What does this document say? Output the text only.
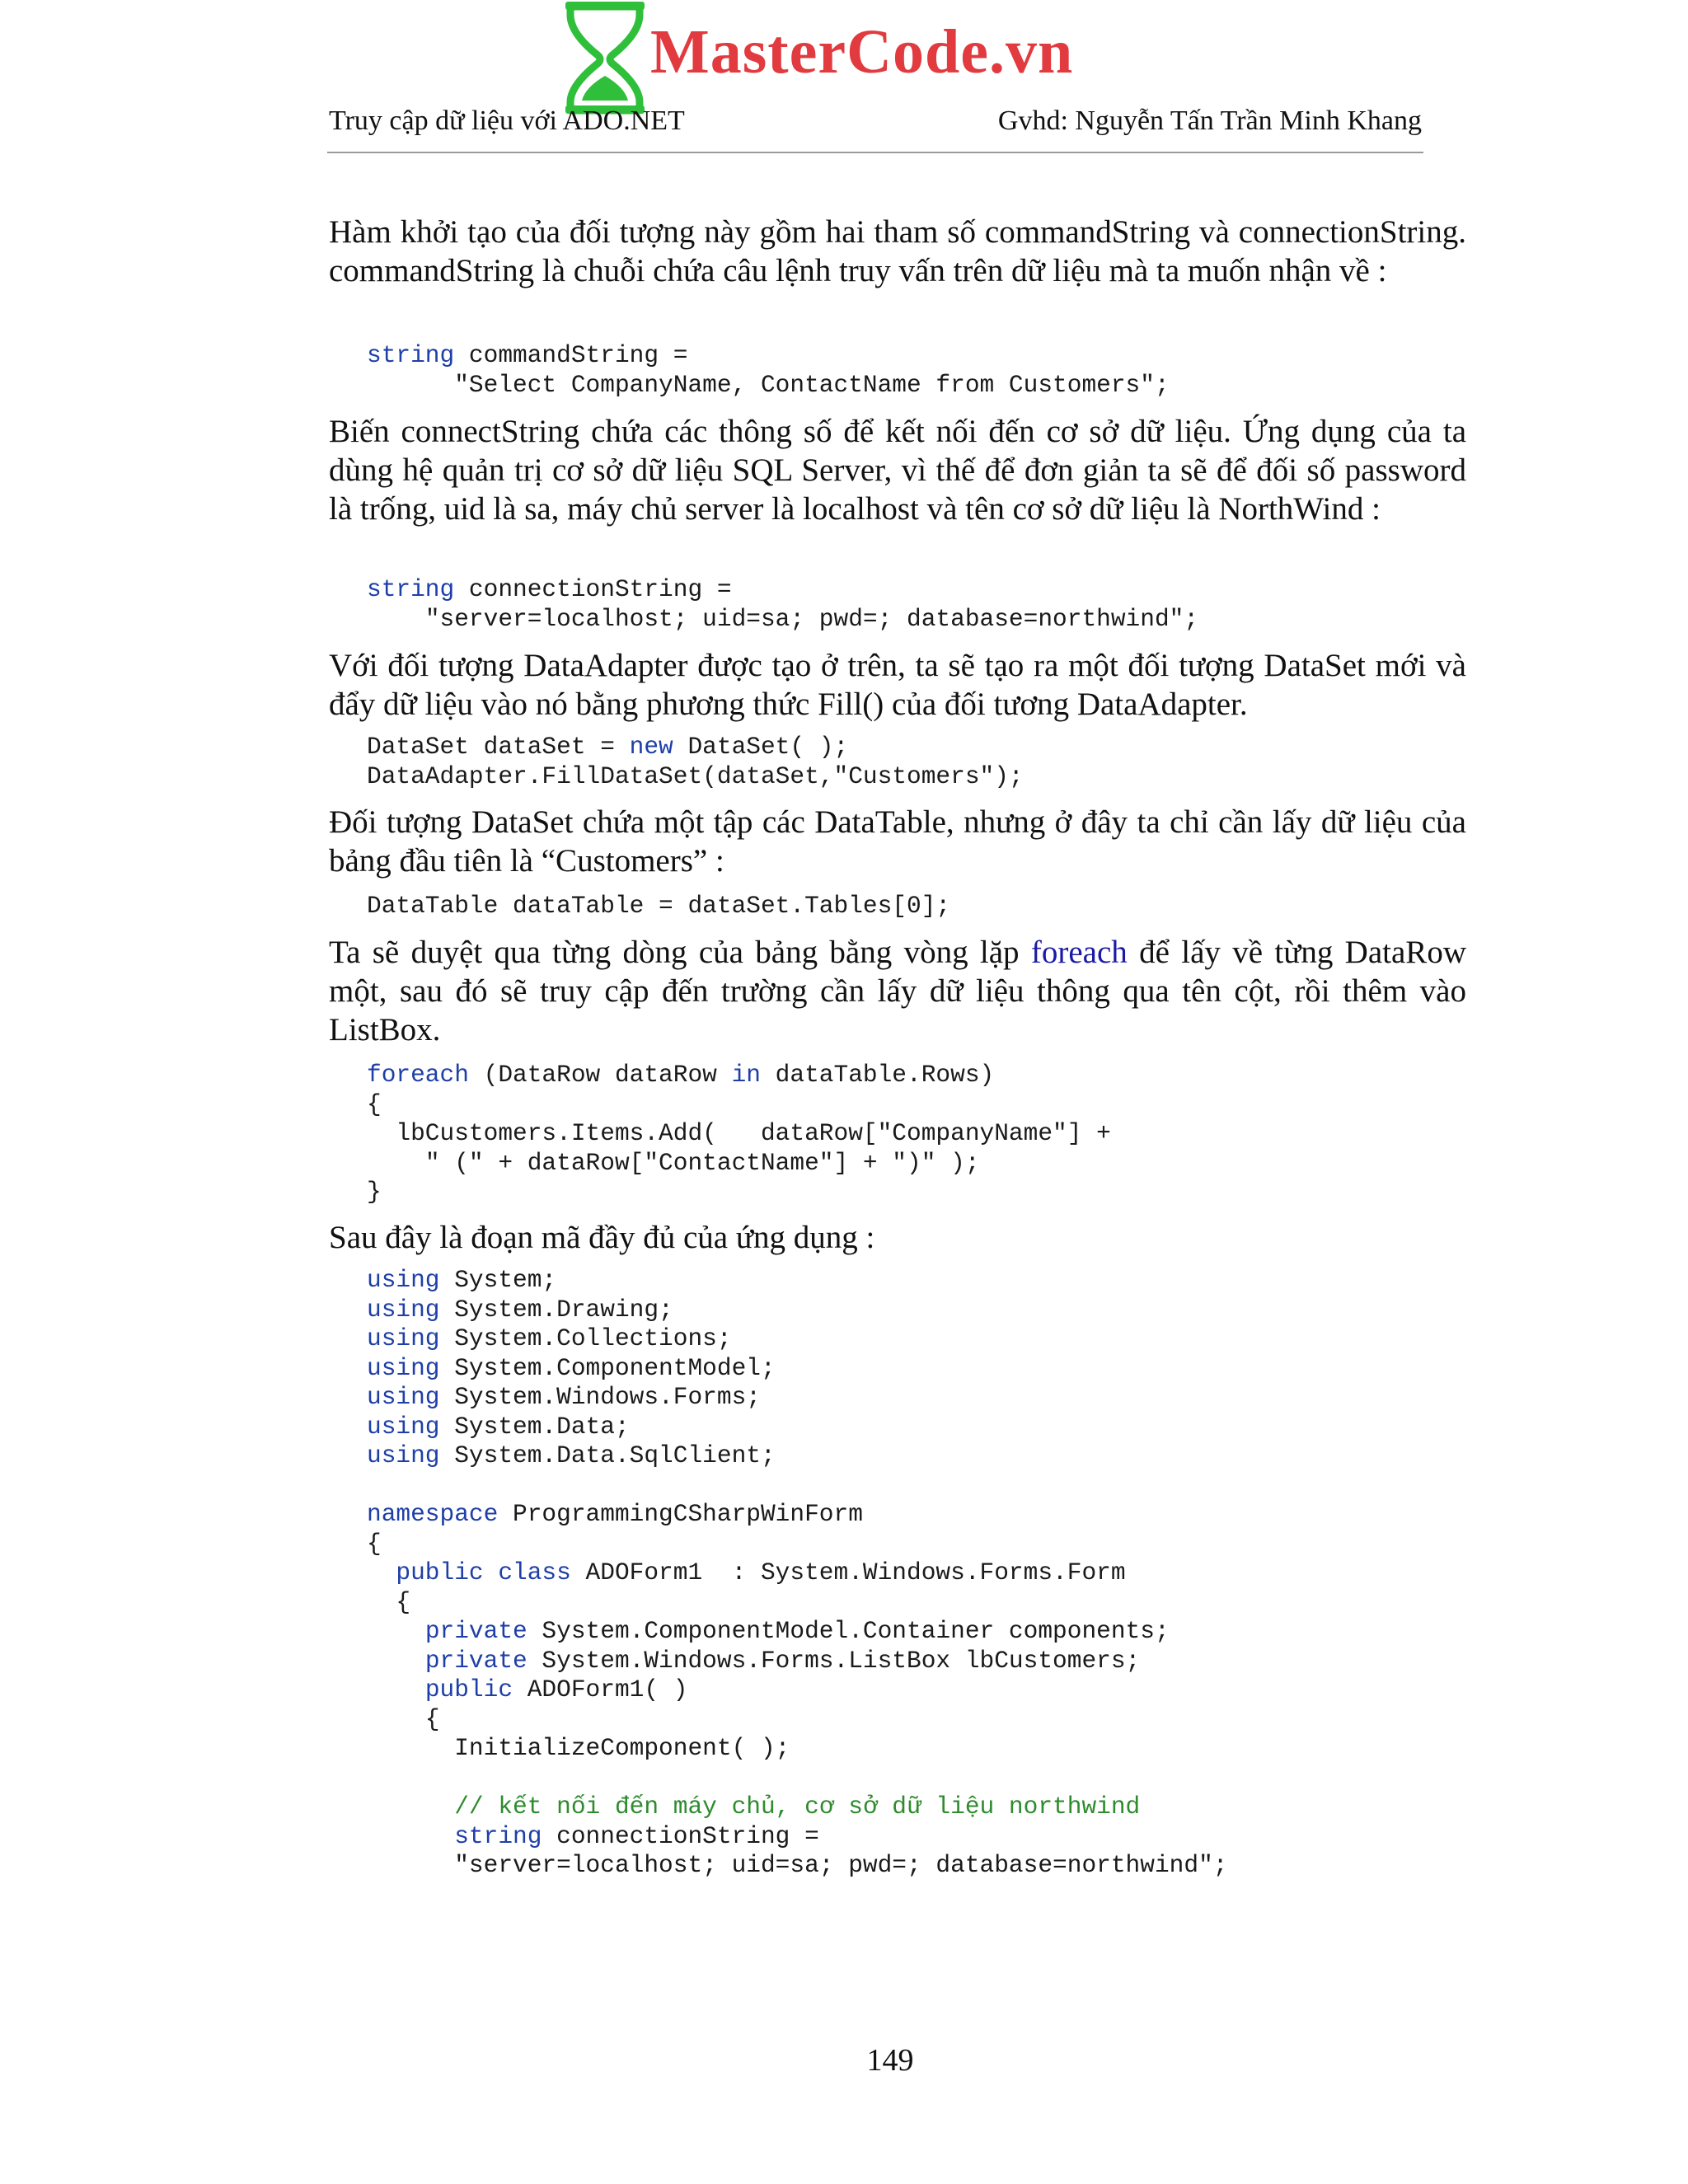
MasterCode.vn
Truy cập dữ liệu với ADO.NET	Gvhd: Nguyễn Tấn Trần Minh Khang

Hàm khởi tạo của đối tượng này gồm hai tham số commandString và connectionString. commandString là chuỗi chứa câu lệnh truy vấn trên dữ liệu mà ta muốn nhận về :

string commandString =
"Select CompanyName, ContactName from Customers";

Biến connectString chứa các thông số để kết nối đến cơ sở dữ liệu. Ứng dụng của ta dùng hệ quản trị cơ sở dữ liệu SQL Server, vì thế để đơn giản ta sẽ để đối số password là trống, uid là sa, máy chủ server là localhost và tên cơ sở dữ liệu là NorthWind :

string connectionString =
"server=localhost; uid=sa; pwd=; database=northwind";

Với đối tượng DataAdapter được tạo ở trên, ta sẽ tạo ra một đối tượng DataSet mới và đẩy dữ liệu vào nó bằng phương thức Fill() của đối tương DataAdapter.

DataSet dataSet = new DataSet( );
DataAdapter.FillDataSet(dataSet,"Customers");

Đối tượng DataSet chứa một tập các DataTable, nhưng ở đây ta chỉ cần lấy dữ liệu của bảng đầu tiên là “Customers” :

DataTable dataTable = dataSet.Tables[0];

Ta sẽ duyệt qua từng dòng của bảng bằng vòng lặp foreach để lấy về từng DataRow một, sau đó sẽ truy cập đến trường cần lấy dữ liệu thông qua tên cột, rồi thêm vào ListBox.

foreach (DataRow dataRow in dataTable.Rows)
{
lbCustomers.Items.Add(   dataRow["CompanyName"] +
" (" + dataRow["ContactName"] + ")" );
}

Sau đây là đoạn mã đầy đủ của ứng dụng :

using System;
using System.Drawing;
using System.Collections;
using System.ComponentModel;
using System.Windows.Forms;
using System.Data;
using System.Data.SqlClient;

namespace ProgrammingCSharpWinForm
{
public class ADOForm1  : System.Windows.Forms.Form
{
private System.ComponentModel.Container components;
private System.Windows.Forms.ListBox lbCustomers;
public ADOForm1( )
{
InitializeComponent( );

// kết nối đến máy chủ, cơ sở dữ liệu northwind
string connectionString =
"server=localhost; uid=sa; pwd=; database=northwind";
149
